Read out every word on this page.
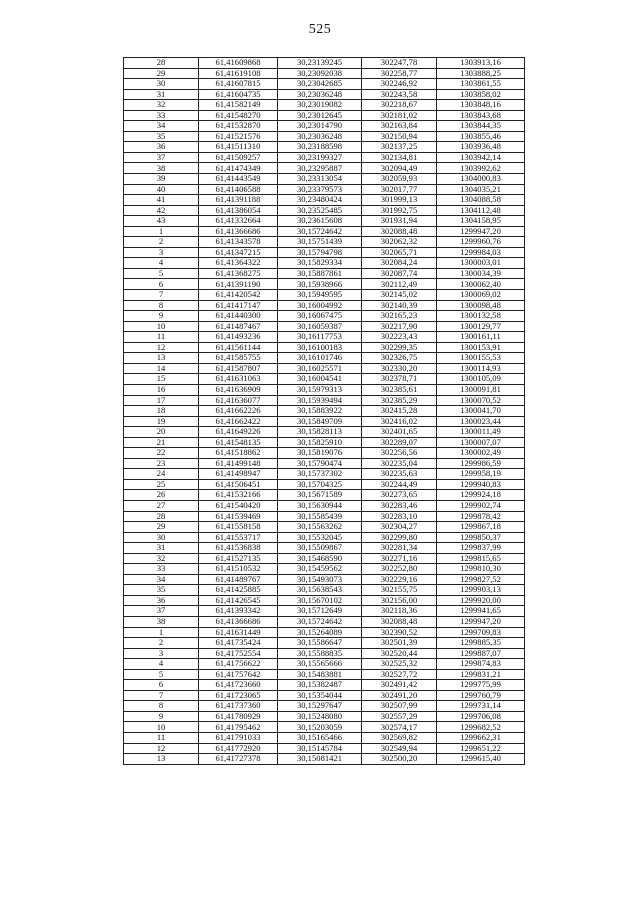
525
28	61,41609868	30,23139245	302247,78	1303913,16
29	61,41619108	30,23092038	302258,77	1303888,25
30	61,41607815	30,23042685	302246,92	1303861,55
31	61,41604735	30,23036248	302243,58	1303858,02
32	61,41582149	30,23019082	302218,67	1303848,16
33	61,41548270	30,23012645	302181,02	1303843,68
34	61,41532870	30,23014790	302163,84	1303844,35
35	61,41521576	30,23036248	302150,94	1303855,46
36	61,41511310	30,23188598	302137,25	1303936,48
37	61,41509257	30,23199327	302134,81	1303942,14
38	61,41474349	30,23295887	302094,49	1303992,62
39	61,41443549	30,23313054	302059,93	1304000,83
40	61,41406588	30,23379573	302017,77	1304035,21
41	61,41391188	30,23480424	301999,13	1304088,58
42	61,41386054	30,23525485	301992,75	1304112,48
43	61,41332664	30,23615608	301931,94	1304158,95
1	61,41366686	30,15724642	302088,48	1299947,20
2	61,41343578	30,15751439	302062,32	1299960,76
3	61,41347215	30,15794798	302065,71	1299984,03
4	61,41364322	30,15829334	302084,24	1300003,01
5	61,41368275	30,15887861	302087,74	1300034,39
6	61,41391190	30,15938966	302112,49	1300062,40
7	61,41420542	30,15949595	302145,02	1300069,02
8	61,41417147	30,16004992	302140,39	1300098,48
9	61,41440300	30,16067475	302165,23	1300132,58
10	61,41487467	30,16059387	302217,90	1300129,77
11	61,41493236	30,16117753	302223,43	1300161,11
12	61,41561144	30,16100183	302299,35	1300153,91
13	61,41585755	30,16101746	302326,75	1300155,53
14	61,41587807	30,16025571	302330,20	1300114,93
15	61,41631063	30,16004541	302378,71	1300105,09
16	61,41636909	30,15979313	302385,61	1300091,81
17	61,41636077	30,15939494	302385,29	1300070,52
18	61,41662226	30,15883922	302415,28	1300041,70
19	61,41662422	30,15849709	302416,02	1300023,44
20	61,41649226	30,15828113	302401,65	1300011,49
21	61,41548135	30,15825910	302289,07	1300007,07
22	61,41518862	30,15819076	302256,56	1300002,49
23	61,41499148	30,15790474	302235,04	1299986,59
24	61,41498947	30,15737302	302235,63	1299958,19
25	61,41506451	30,15704325	302244,49	1299940,83
26	61,41532166	30,15671589	302273,65	1299924,18
27	61,41540420	30,15630944	302283,46	1299902,74
28	61,41539469	30,15585439	302283,10	1299878,42
29	61,41558158	30,15563262	302304,27	1299867,18
30	61,41553717	30,15532045	302299,80	1299850,37
31	61,41536838	30,15509867	302281,34	1299837,99
32	61,41527135	30,15468590	302271,16	1299815,65
33	61,41510532	30,15459562	302252,80	1299810,30
34	61,41489767	30,15493073	302229,16	1299827,52
35	61,41425885	30,15638543	302155,75	1299903,13
36	61,41426545	30,15670102	302156,00	1299920,00
37	61,41393342	30,15712649	302118,36	1299941,65
38	61,41366686	30,15724642	302088,48	1299947,20
1	61,41631449	30,15264089	302390,52	1299709,83
2	61,41735424	30,15586647	302501,39	1299885,35
3	61,41752554	30,15588835	302520,44	1299887,07
4	61,41756622	30,15565666	302525,32	1299874,83
5	61,41757642	30,15483881	302527,72	1299831,21
6	61,41723660	30,15382487	302491,42	1299775,99
7	61,41723065	30,15354044	302491,20	1299760,79
8	61,41737360	30,15297647	302507,99	1299731,14
9	61,41780929	30,15248080	302557,29	1299706,08
10	61,41795462	30,15203059	302574,17	1299682,52
11	61,41791033	30,15165466	302569,82	1299662,31
12	61,41772920	30,15145784	302549,94	1299651,22
13	61,41727378	30,15081421	302500,20	1299615,40
